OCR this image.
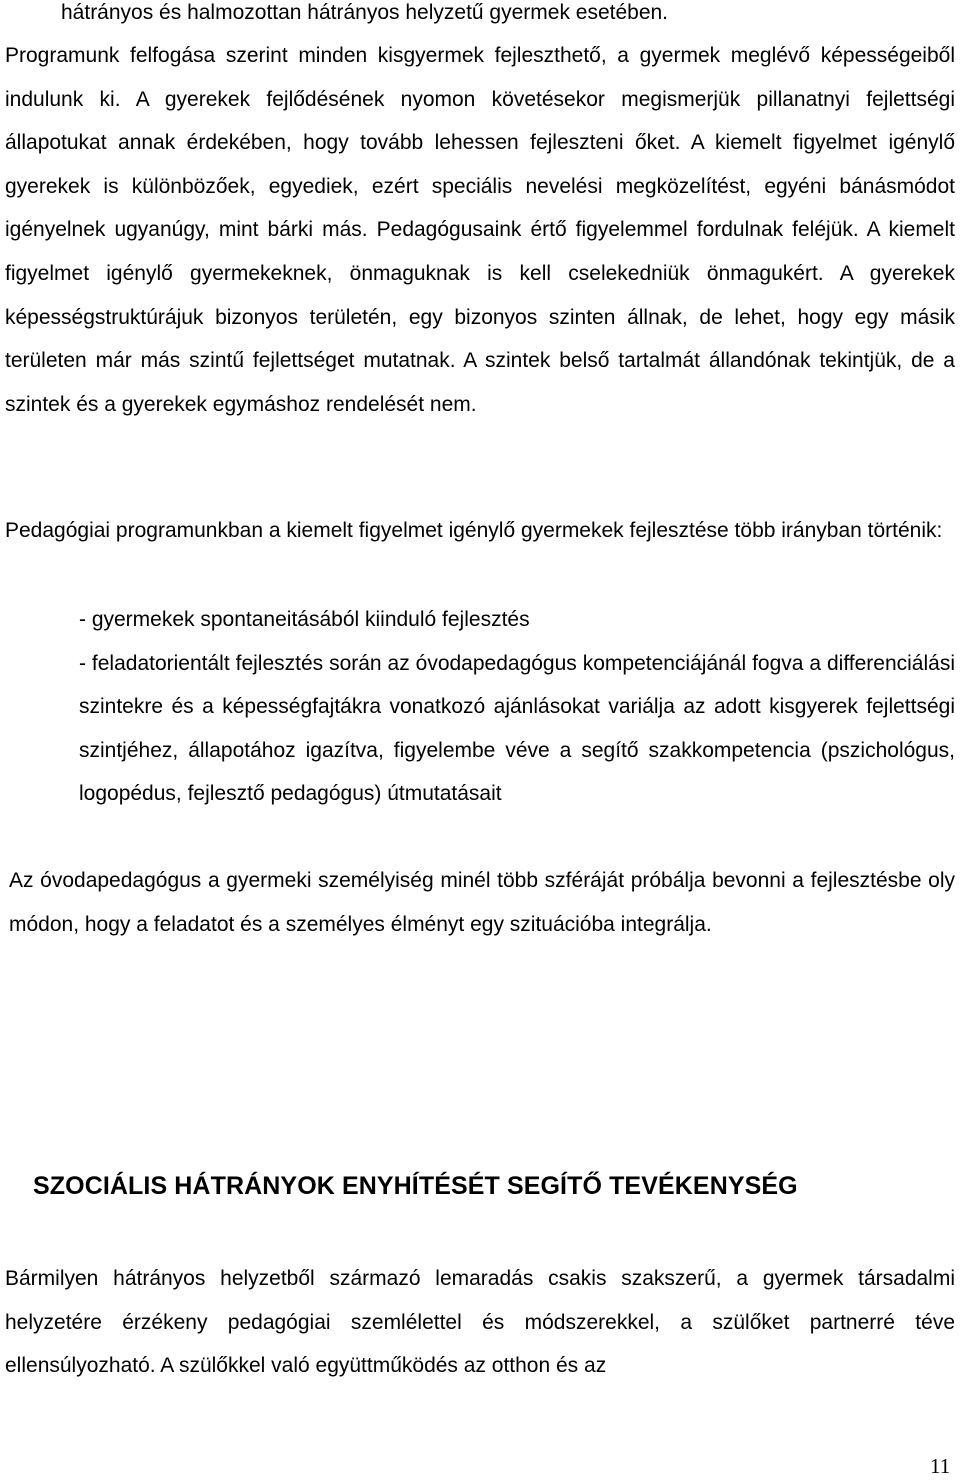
hátrányos és halmozottan hátrányos helyzetű gyermek esetében.

Programunk felfogása szerint minden kisgyermek fejleszthető, a gyermek meglévő képességeiből indulunk ki. A gyerekek fejlődésének nyomon követésekor megismerjük pillanatnyi fejlettségi állapotukat annak érdekében, hogy tovább lehessen fejleszteni őket. A kiemelt figyelmet igénylő gyerekek is különbözőek, egyediek, ezért speciális nevelési megközelítést, egyéni bánásmódot igényelnek ugyanúgy, mint bárki más. Pedagógusaink értő figyelemmel fordulnak feléjük. A kiemelt figyelmet igénylő gyermekeknek, önmaguknak is kell cselekedniük önmagukért. A gyerekek képességstruktúrájuk bizonyos területén, egy bizonyos szinten állnak, de lehet, hogy egy másik területen már más szintű fejlettséget mutatnak. A szintek belső tartalmát állandónak tekintjük, de a szintek és a gyerekek egymáshoz rendelését nem.

Pedagógiai programunkban a kiemelt figyelmet igénylő gyermekek fejlesztése több irányban történik:

- gyermekek spontaneitásából kiinduló fejlesztés
- feladatorientált fejlesztés során az óvodapedagógus kompetenciájánál fogva a differenciálási szintekre és a képességfajtákra vonatkozó ajánlásokat variálja az adott kisgyerek fejlettségi szintjéhez, állapotához igazítva, figyelembe véve a segítő szakkompetencia (pszichológus, logopédus, fejlesztő pedagógus) útmutatásait

Az óvodapedagógus a gyermeki személyiség minél több szféráját próbálja bevonni a fejlesztésbe oly módon, hogy a feladatot és a személyes élményt egy szituációba integrálja.

SZOCIÁLIS HÁTRÁNYOK ENYHÍTÉSÉT SEGÍTŐ TEVÉKENYSÉG

Bármilyen hátrányos helyzetből származó lemaradás csakis szakszerű, a gyermek társadalmi helyzetére érzékeny pedagógiai szemlélettel és módszerekkel, a szülőket partnerré téve ellensúlyozható. A szülőkkel való együttműködés az otthon és az

11
